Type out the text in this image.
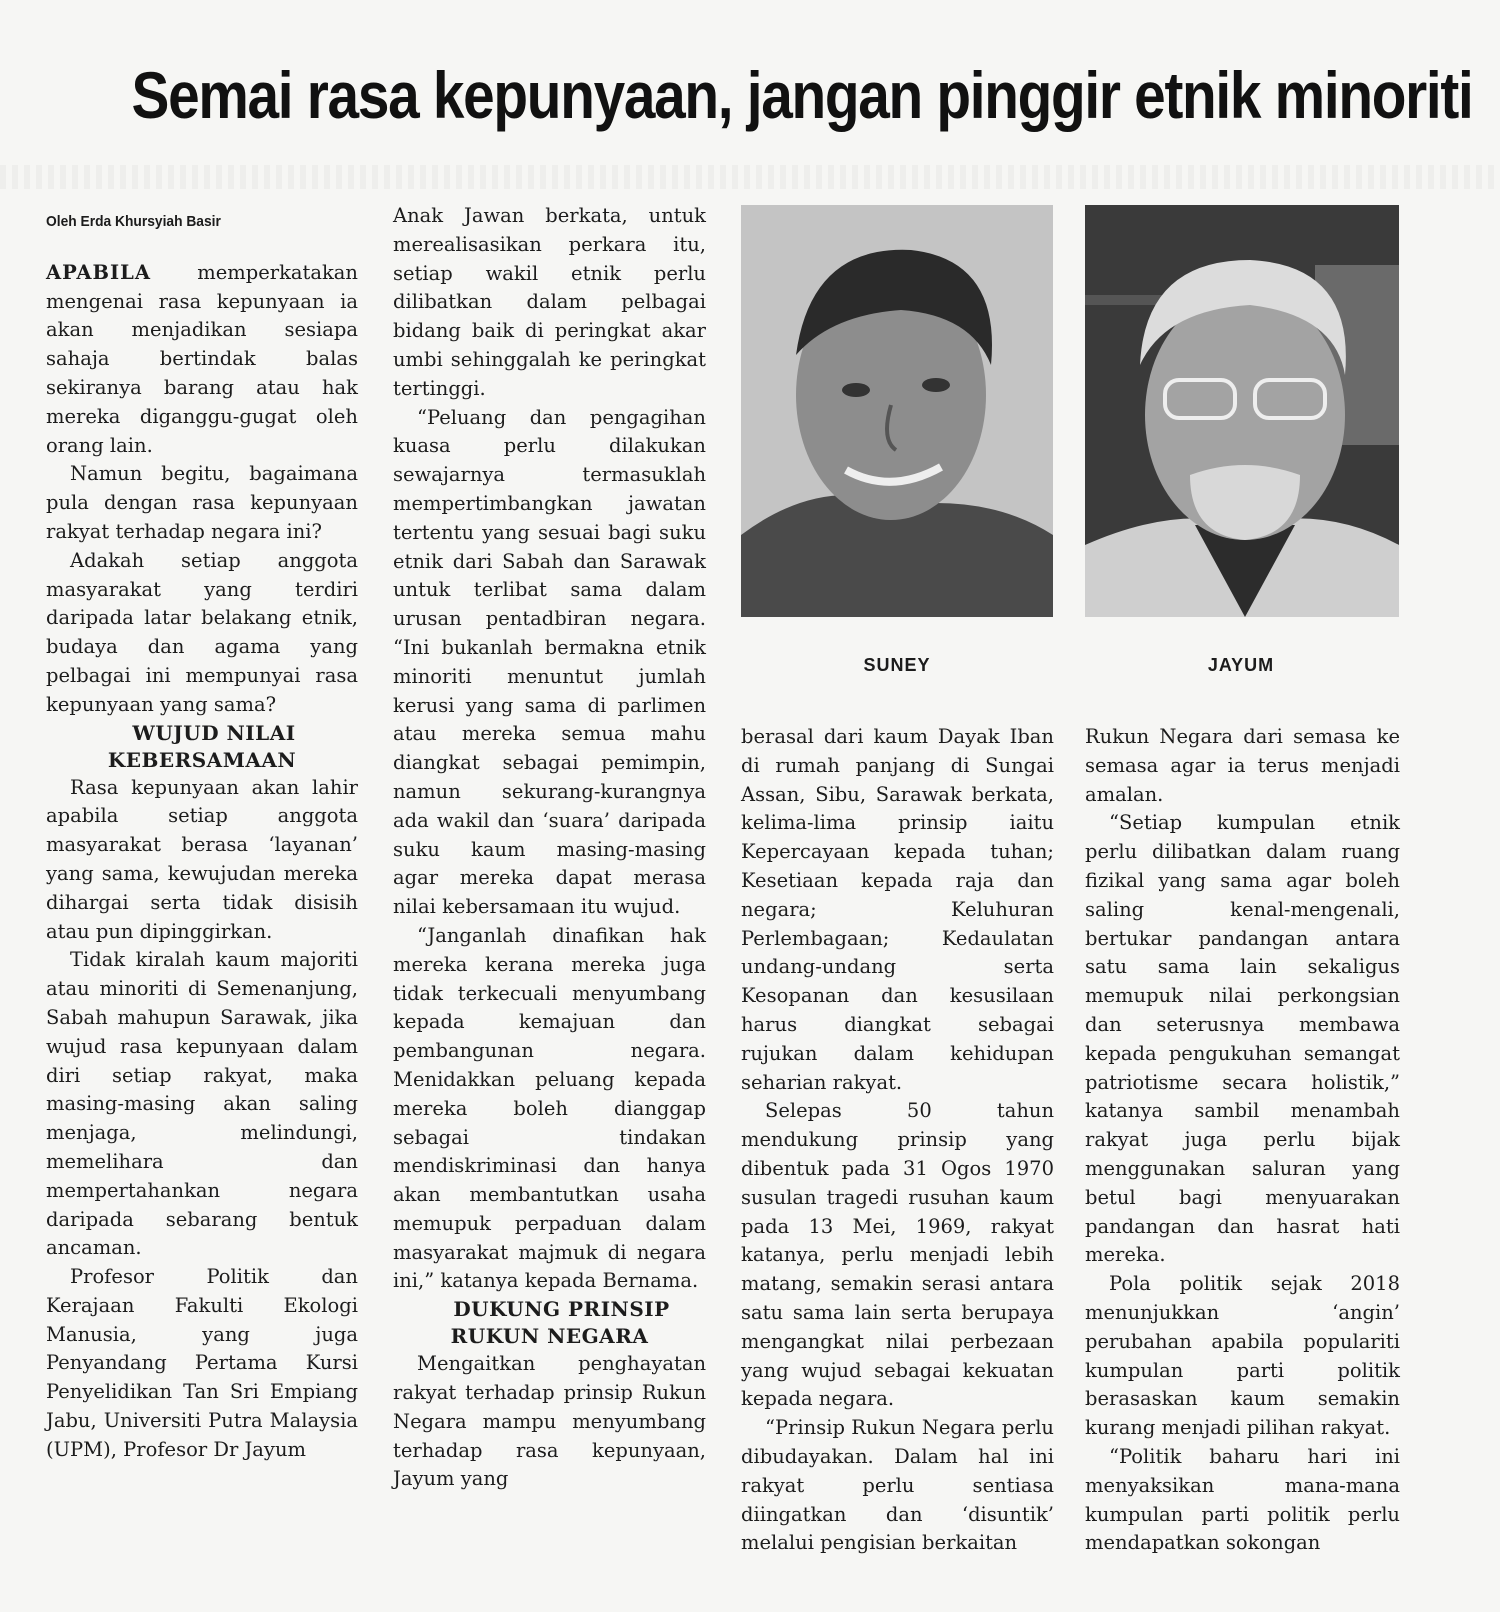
Semai rasa kepunyaan, jangan pinggir etnik minoriti
Oleh Erda Khursyiah Basir

APABILA memperkatakan mengenai rasa kepunyaan ia akan menjadikan sesiapa sahaja bertindak balas sekiranya barang atau hak mereka diganggu-gugat oleh orang lain.

Namun begitu, bagaimana pula dengan rasa kepunyaan rakyat terhadap negara ini?

Adakah setiap anggota masyarakat yang terdiri daripada latar belakang etnik, budaya dan agama yang pelbagai ini mempunyai rasa kepunyaan yang sama?

WUJUD NILAI KEBERSAMAAN

Rasa kepunyaan akan lahir apabila setiap anggota masyarakat berasa ‘layanan’ yang sama, kewujudan mereka dihargai serta tidak disisih atau pun dipinggirkan.

Tidak kiralah kaum majoriti atau minoriti di Semenanjung, Sabah mahupun Sarawak, jika wujud rasa kepunyaan dalam diri setiap rakyat, maka masing-masing akan saling menjaga, melindungi, memelihara dan mempertahankan negara daripada sebarang bentuk ancaman.

Profesor Politik dan Kerajaan Fakulti Ekologi Manusia, yang juga Penyandang Pertama Kursi Penyelidikan Tan Sri Empiang Jabu, Universiti Putra Malaysia (UPM), Profesor Dr Jayum

Anak Jawan berkata, untuk merealisasikan perkara itu, setiap wakil etnik perlu dilibatkan dalam pelbagai bidang baik di peringkat akar umbi sehinggalah ke peringkat tertinggi.

“Peluang dan pengagihan kuasa perlu dilakukan sewajarnya termasuklah mempertimbangkan jawatan tertentu yang sesuai bagi suku etnik dari Sabah dan Sarawak untuk terlibat sama dalam urusan pentadbiran negara. “Ini bukanlah bermakna etnik minoriti menuntut jumlah kerusi yang sama di parlimen atau mereka semua mahu diangkat sebagai pemimpin, namun sekurang-kurangnya ada wakil dan ‘suara’ daripada suku kaum masing-masing agar mereka dapat merasa nilai kebersamaan itu wujud.

“Janganlah dinafikan hak mereka kerana mereka juga tidak terkecuali menyumbang kepada kemajuan dan pembangunan negara. Menidakkan peluang kepada mereka boleh dianggap sebagai tindakan mendiskriminasi dan hanya akan membantutkan usaha memupuk perpaduan dalam masyarakat majmuk di negara ini,” katanya kepada Bernama.

DUKUNG PRINSIP RUKUN NEGARA

Mengaitkan penghayatan rakyat terhadap prinsip Rukun Negara mampu menyumbang terhadap rasa kepunyaan, Jayum yang

SUNEY	JAYUM

berasal dari kaum Dayak Iban di rumah panjang di Sungai Assan, Sibu, Sarawak berkata, kelima-lima prinsip iaitu Kepercayaan kepada tuhan; Kesetiaan kepada raja dan negara; Keluhuran Perlembagaan; Kedaulatan undang-undang serta Kesopanan dan kesusilaan harus diangkat sebagai rujukan dalam kehidupan seharian rakyat.

Selepas 50 tahun mendukung prinsip yang dibentuk pada 31 Ogos 1970 susulan tragedi rusuhan kaum pada 13 Mei, 1969, rakyat katanya, perlu menjadi lebih matang, semakin serasi antara satu sama lain serta berupaya mengangkat nilai perbezaan yang wujud sebagai kekuatan kepada negara.

“Prinsip Rukun Negara perlu dibudayakan. Dalam hal ini rakyat perlu sentiasa diingatkan dan ‘disuntik’ melalui pengisian berkaitan

Rukun Negara dari semasa ke semasa agar ia terus menjadi amalan.

“Setiap kumpulan etnik perlu dilibatkan dalam ruang fizikal yang sama agar boleh saling kenal-mengenali, bertukar pandangan antara satu sama lain sekaligus memupuk nilai perkongsian dan seterusnya membawa kepada pengukuhan semangat patriotisme secara holistik,” katanya sambil menambah rakyat juga perlu bijak menggunakan saluran yang betul bagi menyuarakan pandangan dan hasrat hati mereka.

Pola politik sejak 2018 menunjukkan ‘angin’ perubahan apabila populariti kumpulan parti politik berasaskan kaum semakin kurang menjadi pilihan rakyat.

“Politik baharu hari ini menyaksikan mana-mana kumpulan parti politik perlu mendapatkan sokongan
